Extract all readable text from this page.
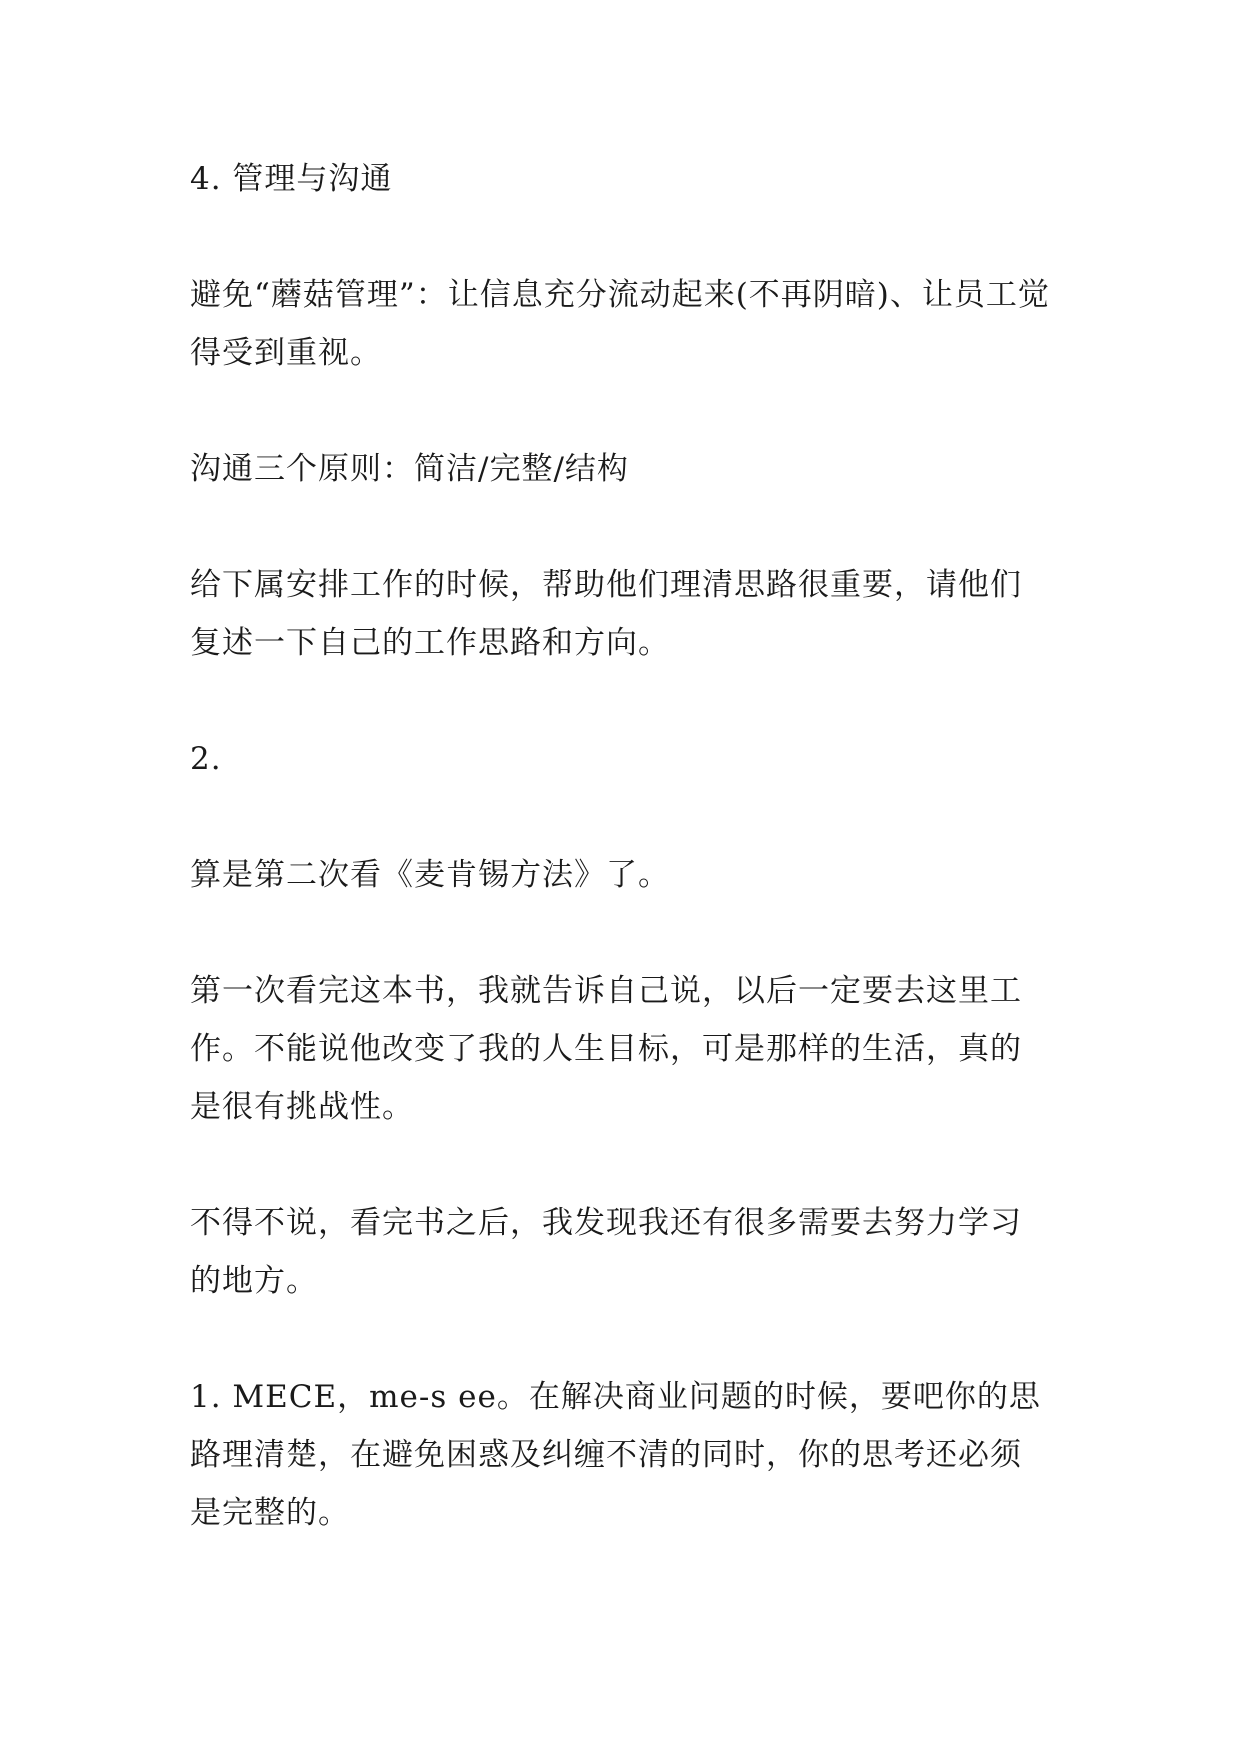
4. 管理与沟通

避免“蘑菇管理”：让信息充分流动起来(不再阴暗)、让员工觉得受到重视。

沟通三个原则：简洁/完整/结构

给下属安排工作的时候，帮助他们理清思路很重要，请他们复述一下自己的工作思路和方向。

2.

算是第二次看《麦肯锡方法》了。

第一次看完这本书，我就告诉自己说，以后一定要去这里工作。不能说他改变了我的人生目标，可是那样的生活，真的是很有挑战性。

不得不说，看完书之后，我发现我还有很多需要去努力学习的地方。

1. MECE，me-s ee。在解决商业问题的时候，要吧你的思路理清楚，在避免困惑及纠缠不清的同时，你的思考还必须是完整的。
